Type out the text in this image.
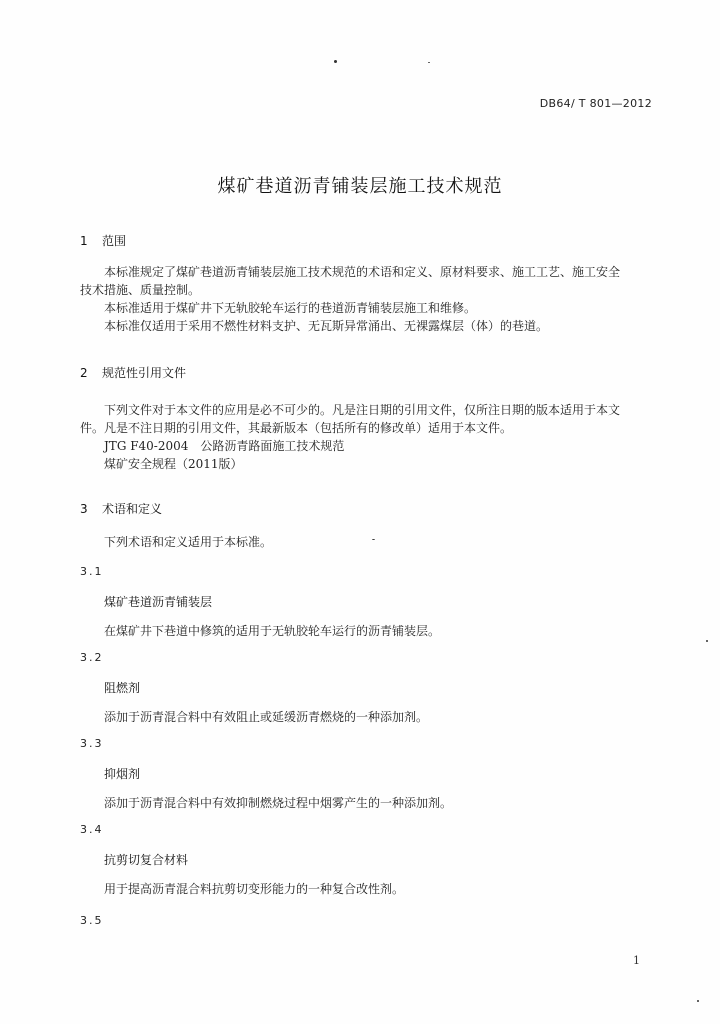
DB64/ T 801—2012
煤矿巷道沥青铺装层施工技术规范
1 范围

本标准规定了煤矿巷道沥青铺装层施工技术规范的术语和定义、原材料要求、施工工艺、施工安全

技术措施、质量控制。

本标准适用于煤矿井下无轨胶轮车运行的巷道沥青铺装层施工和维修。

本标准仅适用于采用不燃性材料支护、无瓦斯异常涌出、无裸露煤层（体）的巷道。

2 规范性引用文件

下列文件对于本文件的应用是必不可少的。凡是注日期的引用文件，仅所注日期的版本适用于本文

件。凡是不注日期的引用文件，其最新版本（包括所有的修改单）适用于本文件。

JTG F40-2004　公路沥青路面施工技术规范

煤矿安全规程（2011版）

3 术语和定义

下列术语和定义适用于本标准。

3.1
煤矿巷道沥青铺装层
在煤矿井下巷道中修筑的适用于无轨胶轮车运行的沥青铺装层。
3.2
阻燃剂
添加于沥青混合料中有效阻止或延缓沥青燃烧的一种添加剂。
3.3
抑烟剂
添加于沥青混合料中有效抑制燃烧过程中烟雾产生的一种添加剂。
3.4
抗剪切复合材料
用于提高沥青混合料抗剪切变形能力的一种复合改性剂。
3.5
1
